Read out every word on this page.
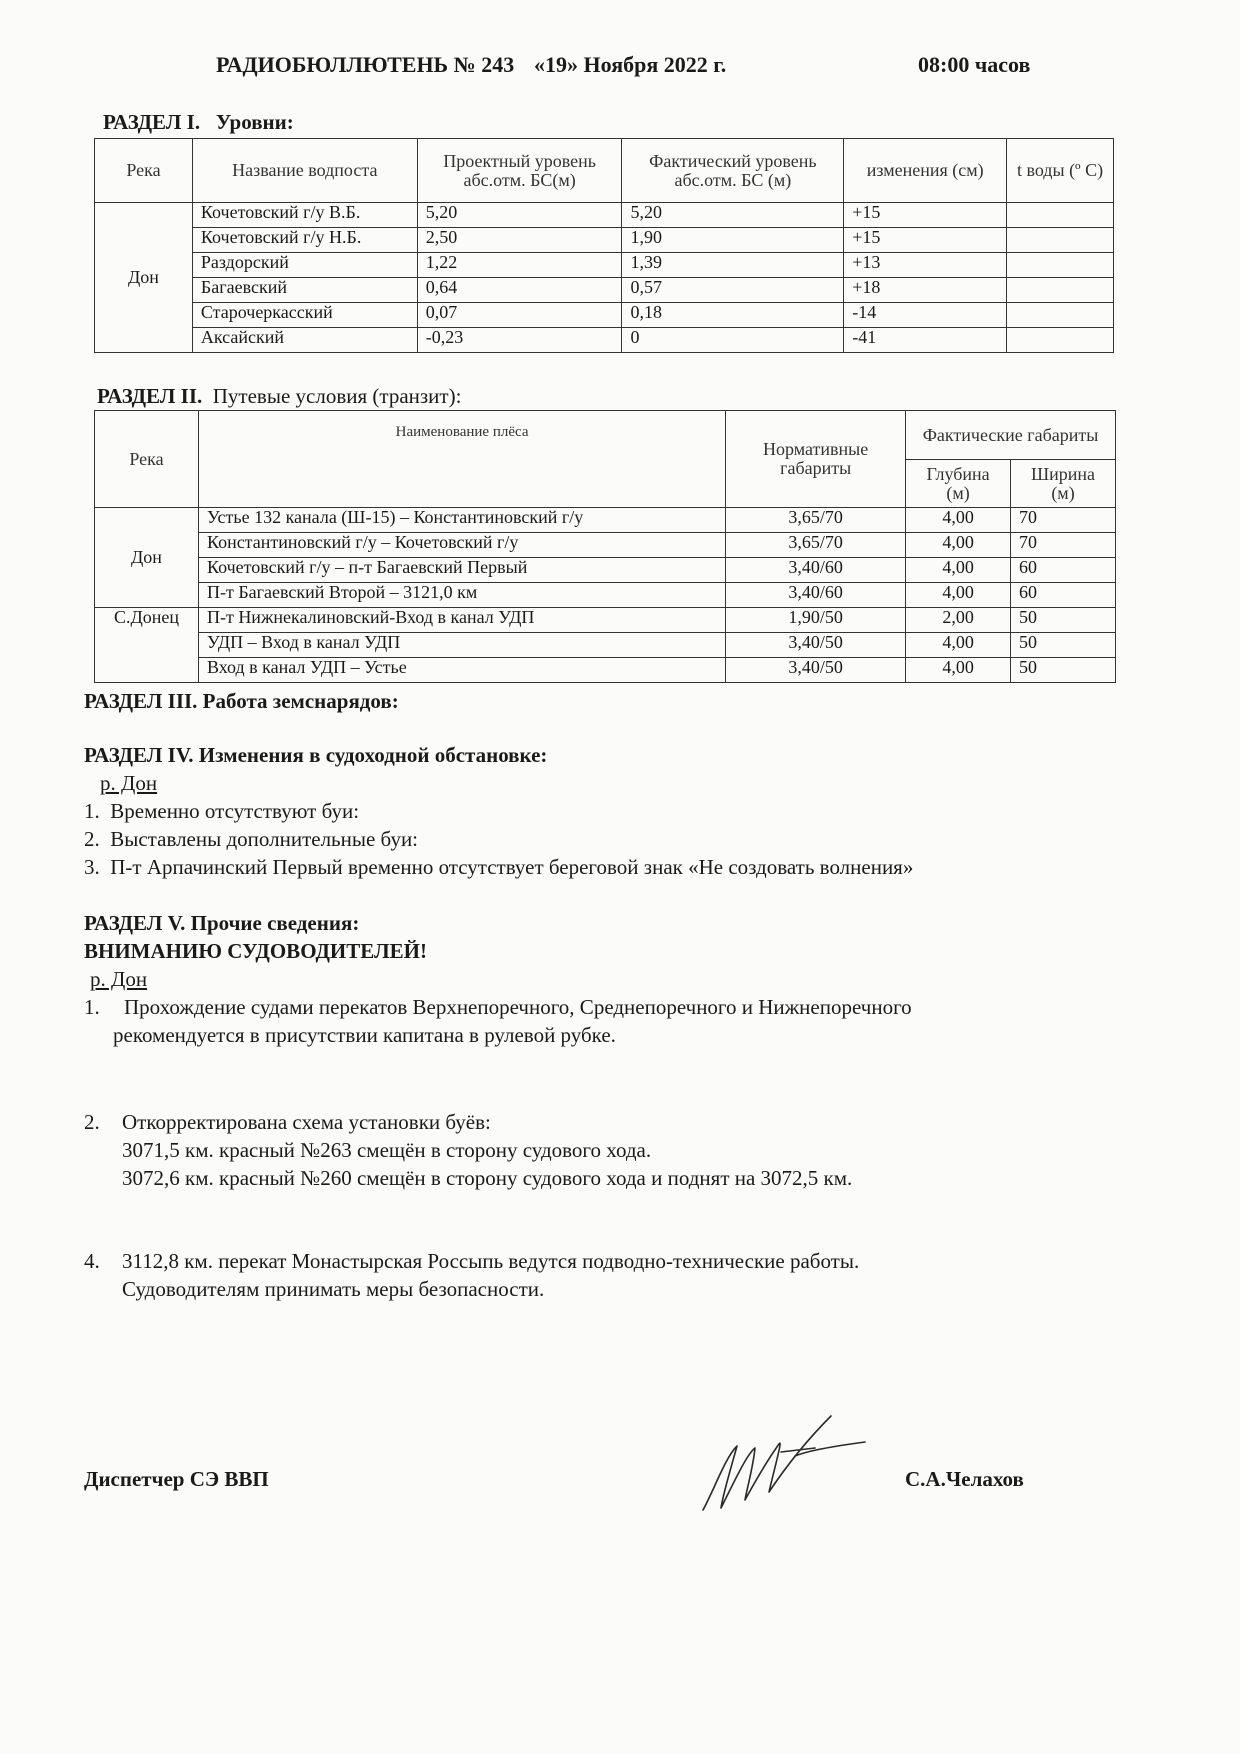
РАДИОБЮЛЛЮТЕНЬ № 243 «19» Ноября 2022 г.	08:00 часов
РАЗДЕЛ I. Уровни:
Река	Название водпоста	Проектный уровень абс.отм. БС(м)	Фактический уровень абс.отм. БС (м)	изменения (см)	t воды (º С)
Дон	Кочетовский г/у В.Б.	5,20	5,20	+15	
	Кочетовский г/у Н.Б.	2,50	1,90	+15	
	Раздорский	1,22	1,39	+13	
	Багаевский	0,64	0,57	+18	
	Старочеркасский	0,07	0,18	-14	
	Аксайский	-0,23	0	-41	
РАЗДЕЛ II. Путевые условия (транзит):
Река	Наименование плёса	Нормативные габариты	Фактические габариты	
			Глубина (м)	Ширина (м)
Дон	Устье 132 канала (Ш-15) – Константиновский г/у	3,65/70	4,00	70
	Константиновский г/у – Кочетовский г/у	3,65/70	4,00	70
	Кочетовский г/у – п-т Багаевский Первый	3,40/60	4,00	60
	П-т Багаевский Второй – 3121,0 км	3,40/60	4,00	60
С.Донец	П-т Нижнекалиновский-Вход в канал УДП	1,90/50	2,00	50
	УДП – Вход в канал УДП	3,40/50	4,00	50
	Вход в канал УДП – Устье	3,40/50	4,00	50
РАЗДЕЛ III. Работа земснарядов:
РАЗДЕЛ IV. Изменения в судоходной обстановке:
р. Дон
1. Временно отсутствуют буи:
2. Выставлены дополнительные буи:
3. П-т Арпачинский Первый временно отсутствует береговой знак «Не создовать волнения»
РАЗДЕЛ V. Прочие сведения:
ВНИМАНИЮ СУДОВОДИТЕЛЕЙ!
р. Дон
1. Прохождение судами перекатов Верхнепоречного, Среднепоречного и Нижнепоречного
рекомендуется в присутствии капитана в рулевой рубке.
2. Откорректирована схема установки буёв:
3071,5 км. красный №263 смещён в сторону судового хода.
3072,6 км. красный №260 смещён в сторону судового хода и поднят на 3072,5 км.
4. 3112,8 км. перекат Монастырская Россыпь ведутся подводно-технические работы.
Судоводителям принимать меры безопасности.
Диспетчер СЭ ВВП	С.А.Челахов
